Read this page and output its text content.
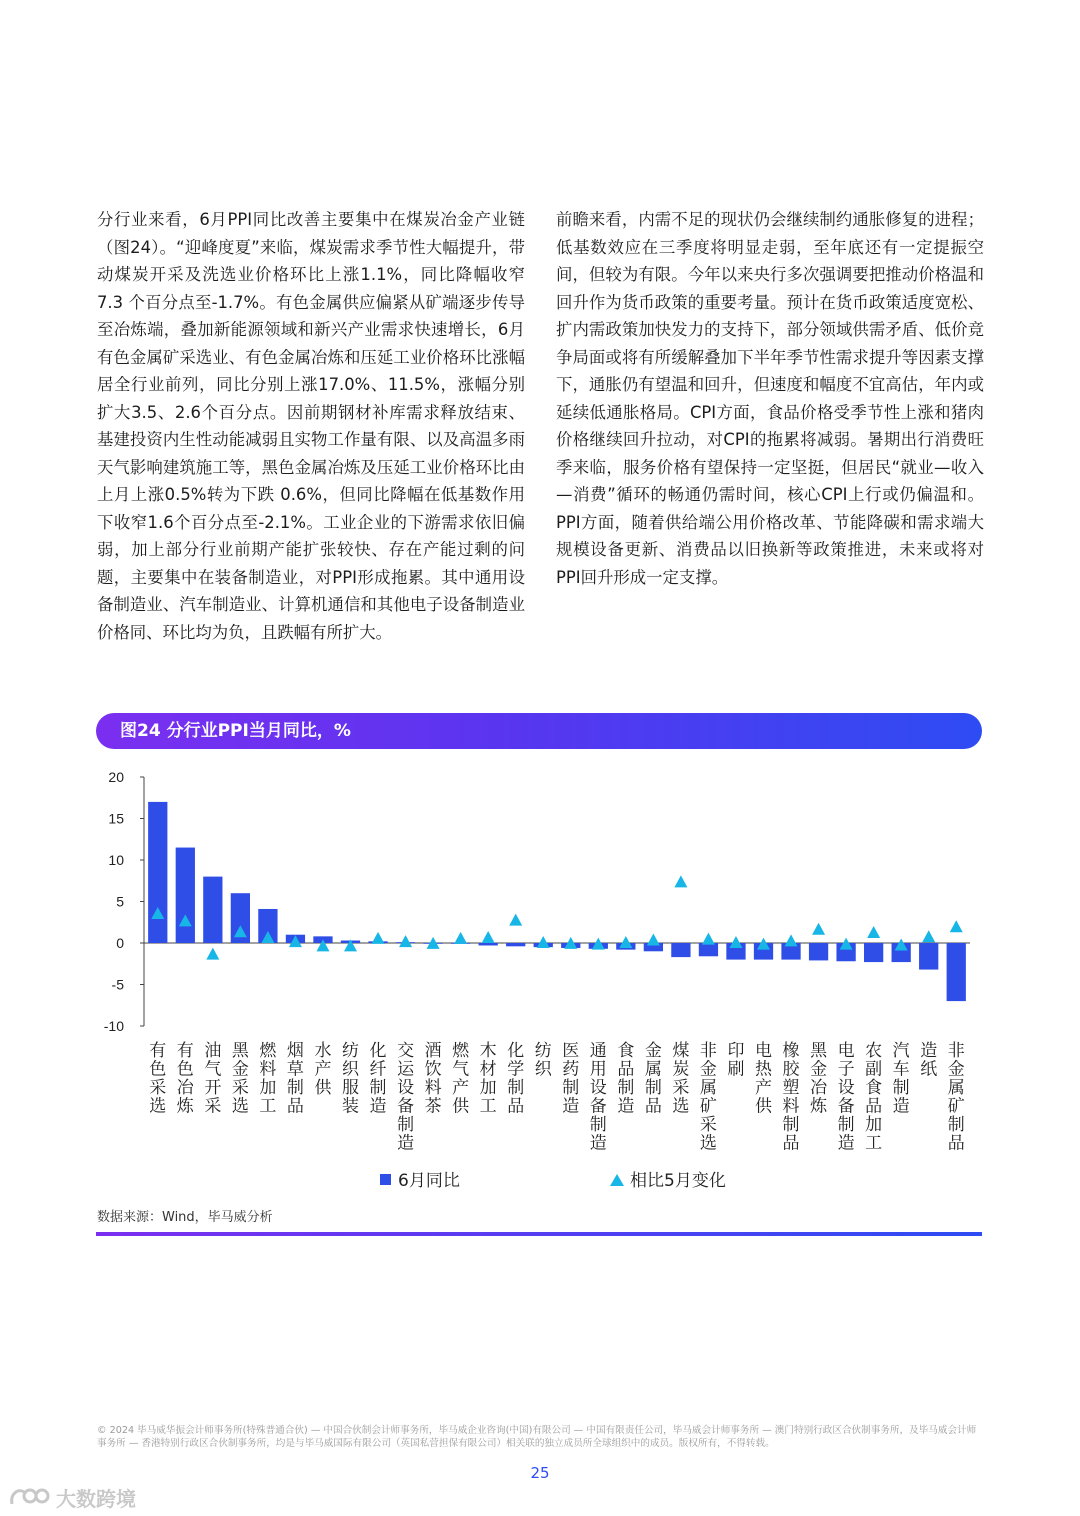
分行业来看，6月PPI同比改善主要集中在煤炭冶金产业链（图24）。“迎峰度夏”来临，煤炭需求季节性大幅提升，带动煤炭开采及洗选业价格环比上涨1.1%，同比降幅收窄 7.3 个百分点至-1.7%。有色金属供应偏紧从矿端逐步传导至冶炼端，叠加新能源领域和新兴产业需求快速增长，6月有色金属矿采选业、有色金属冶炼和压延工业价格环比涨幅居全行业前列，同比分别上涨17.0%、11.5%，涨幅分别扩大3.5、2.6个百分点。因前期钢材补库需求释放结束、基建投资内生性动能减弱且实物工作量有限、以及高温多雨天气影响建筑施工等，黑色金属冶炼及压延工业价格环比由上月上涨0.5%转为下跌 0.6%，但同比降幅在低基数作用下收窄1.6个百分点至-2.1%。工业企业的下游需求依旧偏弱，加上部分行业前期产能扩张较快、存在产能过剩的问题，主要集中在装备制造业，对PPI形成拖累。其中通用设备制造业、汽车制造业、计算机通信和其他电子设备制造业价格同、环比均为负，且跌幅有所扩大。

前瞻来看，内需不足的现状仍会继续制约通胀修复的进程；低基数效应在三季度将明显走弱，至年底还有一定提振空间，但较为有限。今年以来央行多次强调要把推动价格温和回升作为货币政策的重要考量。预计在货币政策适度宽松、扩内需政策加快发力的支持下，部分领域供需矛盾、低价竞争局面或将有所缓解叠加下半年季节性需求提升等因素支撑下，通胀仍有望温和回升，但速度和幅度不宜高估，年内或延续低通胀格局。CPI方面，食品价格受季节性上涨和猪肉价格继续回升拉动，对CPI的拖累将减弱。暑期出行消费旺季来临，服务价格有望保持一定坚挺，但居民“就业—收入—消费”循环的畅通仍需时间，核心CPI上行或仍偏温和。PPI方面，随着供给端公用价格改革、节能降碳和需求端大规模设备更新、消费品以旧换新等政策推进，未来或将对PPI回升形成一定支撑。

图24 分行业PPI当月同比，%
20
15
10
5
0
-5
-10
有
色
采
选
有
色
冶
炼
油
气
开
采
黑
金
采
选
燃
料
加
工
烟
草
制
品
水
产
供
纺
织
服
装
化
纤
制
造
交
运
设
备
制
造
酒
饮
料
茶
燃
气
产
供
木
材
加
工
化
学
制
品
纺
织
医
药
制
造
通
用
设
备
制
造
食
品
制
造
金
属
制
品
煤
炭
采
选
非
金
属
矿
采
选
印
刷
电
热
产
供
橡
胶
塑
料
制
品
黑
金
冶
炼
电
子
设
备
制
造
农
副
食
品
加
工
汽
车
制
造
造
纸
非
金
属
矿
制
品
6月同比	相比5月变化
数据来源：Wind，毕马威分析
© 2024 毕马威华振会计师事务所(特殊普通合伙) — 中国合伙制会计师事务所，毕马威企业咨询(中国)有限公司 — 中国有限责任公司，毕马威会计师事务所 — 澳门特别行政区合伙制事务所，及毕马威会计师事务所 — 香港特别行政区合伙制事务所，均是与毕马威国际有限公司（英国私营担保有限公司）相关联的独立成员所全球组织中的成员。版权所有，不得转载。
25
大数跨境
